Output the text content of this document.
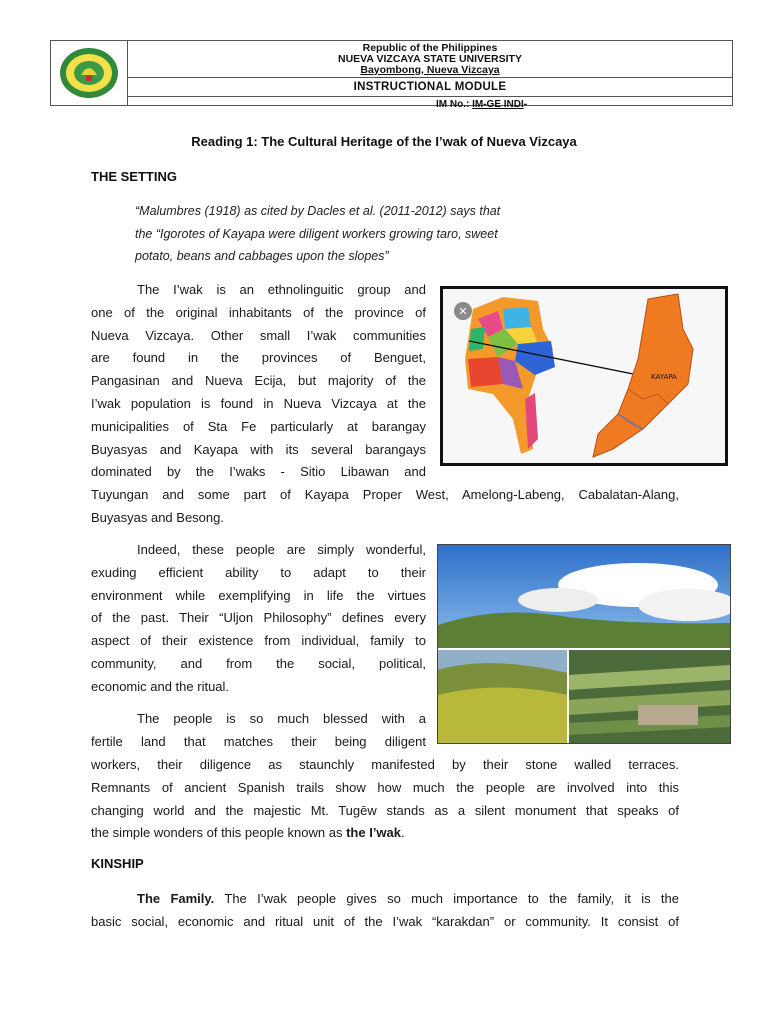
Republic of the Philippines
NUEVA VIZCAYA STATE UNIVERSITY
Bayombong, Nueva Vizcaya
INSTRUCTIONAL MODULE
IM No.: IM-GE INDI-
Reading 1: The Cultural Heritage of the I’wak of Nueva Vizcaya
THE SETTING
“Malumbres (1918) as cited by Dacles et al. (2011-2012) says that
the “Igorotes of Kayapa were diligent workers growing taro, sweet
potato, beans and cabbages upon the slopes”
✕
KAYAPA
The I’wak is an ethnolinguitic group and
one of the original inhabitants of the province of
Nueva Vizcaya. Other small I’wak communities
are found in the provinces of Benguet,
Pangasinan and Nueva Ecija, but majority of the
I’wak population is found in Nueva Vizcaya at the
municipalities of Sta Fe particularly at barangay
Buyasyas and Kayapa with its several barangays
dominated by the I’waks - Sitio Libawan and
Tuyungan and some part of Kayapa Proper West, Amelong-Labeng, Cabalatan-Alang,
Buyasyas and Besong.
Indeed, these people are simply wonderful,
exuding efficient ability to adapt to their
environment while exemplifying in life the virtues
of the past. Their “Uljon Philosophy” defines every
aspect of their existence from individual, family to
community, and from the social, political,
economic and the ritual.
The people is so much blessed with a
fertile land that matches their being diligent
workers, their diligence as staunchly manifested by their stone walled terraces.
Remnants of ancient Spanish trails show how much the people are involved into this
changing world and the majestic Mt. Tugēw stands as a silent monument that speaks of
the simple wonders of this people known as the I’wak.
KINSHIP
The Family. The I’wak people gives so much importance to the family, it is the
basic social, economic and ritual unit of the I’wak “karakdan” or community. It consist of
